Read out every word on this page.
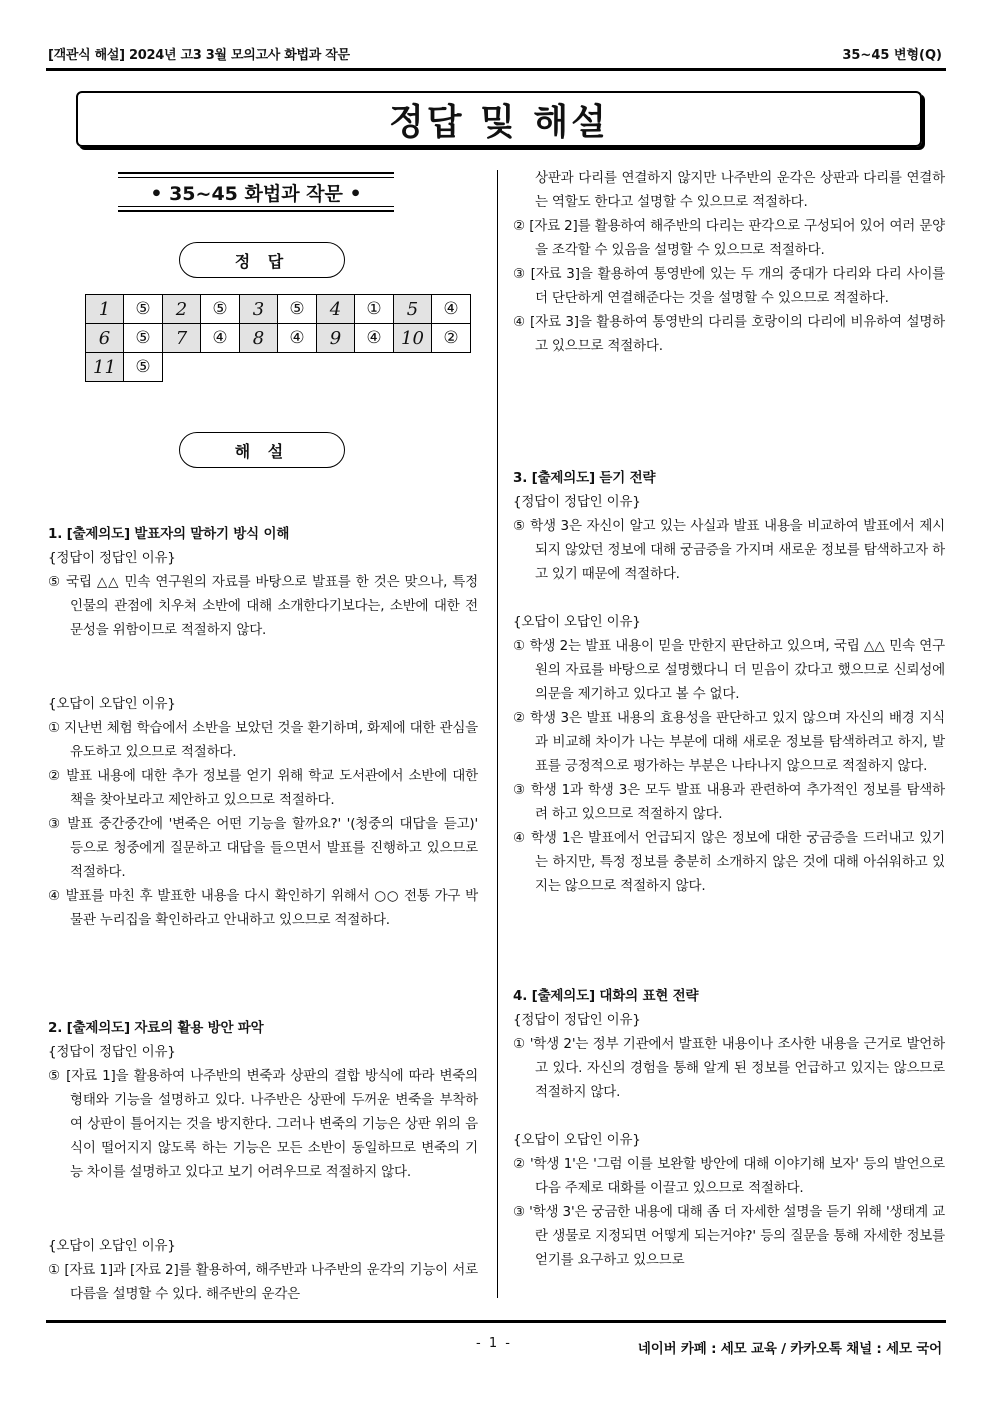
[객관식 해설] 2024년 고3 3월 모의고사 화법과 작문	35~45 변형(Q)
정답 및 해설
• 35~45 화법과 작문 •
정 답
1	⑤	2	⑤	3	⑤	4	①	5	④
6	⑤	7	④	8	④	9	④	10	②
11	⑤								
해 설
1. [출제의도] 발표자의 말하기 방식 이해
{정답이 정답인 이유}
⑤ 국립 △△ 민속 연구원의 자료를 바탕으로 발표를 한 것은 맞으나, 특정 인물의 관점에 치우쳐 소반에 대해 소개한다기보다는, 소반에 대한 전문성을 위함이므로 적절하지 않다.
{오답이 오답인 이유}
① 지난번 체험 학습에서 소반을 보았던 것을 환기하며, 화제에 대한 관심을 유도하고 있으므로 적절하다.
② 발표 내용에 대한 추가 정보를 얻기 위해 학교 도서관에서 소반에 대한 책을 찾아보라고 제안하고 있으므로 적절하다.
③ 발표 중간중간에 '변죽은 어떤 기능을 할까요?' '(청중의 대답을 듣고)' 등으로 청중에게 질문하고 대답을 들으면서 발표를 진행하고 있으므로 적절하다.
④ 발표를 마친 후 발표한 내용을 다시 확인하기 위해서 ○○ 전통 가구 박물관 누리집을 확인하라고 안내하고 있으므로 적절하다.
2. [출제의도] 자료의 활용 방안 파악
{정답이 정답인 이유}
⑤ [자료 1]을 활용하여 나주반의 변죽과 상판의 결합 방식에 따라 변죽의 형태와 기능을 설명하고 있다. 나주반은 상판에 두꺼운 변죽을 부착하여 상판이 틀어지는 것을 방지한다. 그러나 변죽의 기능은 상판 위의 음식이 떨어지지 않도록 하는 기능은 모든 소반이 동일하므로 변죽의 기능 차이를 설명하고 있다고 보기 어려우므로 적절하지 않다.
{오답이 오답인 이유}
① [자료 1]과 [자료 2]를 활용하여, 해주반과 나주반의 운각의 기능이 서로 다름을 설명할 수 있다. 해주반의 운각은
상판과 다리를 연결하지 않지만 나주반의 운각은 상판과 다리를 연결하는 역할도 한다고 설명할 수 있으므로 적절하다.
② [자료 2]를 활용하여 해주반의 다리는 판각으로 구성되어 있어 여러 문양을 조각할 수 있음을 설명할 수 있으므로 적절하다.
③ [자료 3]을 활용하여 통영반에 있는 두 개의 중대가 다리와 다리 사이를 더 단단하게 연결해준다는 것을 설명할 수 있으므로 적절하다.
④ [자료 3]을 활용하여 통영반의 다리를 호랑이의 다리에 비유하여 설명하고 있으므로 적절하다.
3. [출제의도] 듣기 전략
{정답이 정답인 이유}
⑤ 학생 3은 자신이 알고 있는 사실과 발표 내용을 비교하여 발표에서 제시되지 않았던 정보에 대해 궁금증을 가지며 새로운 정보를 탐색하고자 하고 있기 때문에 적절하다.
{오답이 오답인 이유}
① 학생 2는 발표 내용이 믿을 만한지 판단하고 있으며, 국립 △△ 민속 연구원의 자료를 바탕으로 설명했다니 더 믿음이 갔다고 했으므로 신뢰성에 의문을 제기하고 있다고 볼 수 없다.
② 학생 3은 발표 내용의 효용성을 판단하고 있지 않으며 자신의 배경 지식과 비교해 차이가 나는 부분에 대해 새로운 정보를 탐색하려고 하지, 발표를 긍정적으로 평가하는 부분은 나타나지 않으므로 적절하지 않다.
③ 학생 1과 학생 3은 모두 발표 내용과 관련하여 추가적인 정보를 탐색하려 하고 있으므로 적절하지 않다.
④ 학생 1은 발표에서 언급되지 않은 정보에 대한 궁금증을 드러내고 있기는 하지만, 특정 정보를 충분히 소개하지 않은 것에 대해 아쉬워하고 있지는 않으므로 적절하지 않다.
4. [출제의도] 대화의 표현 전략
{정답이 정답인 이유}
① '학생 2'는 정부 기관에서 발표한 내용이나 조사한 내용을 근거로 발언하고 있다. 자신의 경험을 통해 알게 된 정보를 언급하고 있지는 않으므로 적절하지 않다.
{오답이 오답인 이유}
② '학생 1'은 '그럼 이를 보완할 방안에 대해 이야기해 보자' 등의 발언으로 다음 주제로 대화를 이끌고 있으므로 적절하다.
③ '학생 3'은 궁금한 내용에 대해 좀 더 자세한 설명을 듣기 위해 '생태계 교란 생물로 지정되면 어떻게 되는거야?' 등의 질문을 통해 자세한 정보를 얻기를 요구하고 있으므로
- 1 -	네이버 카페 : 세모 교육 / 카카오톡 채널 : 세모 국어
